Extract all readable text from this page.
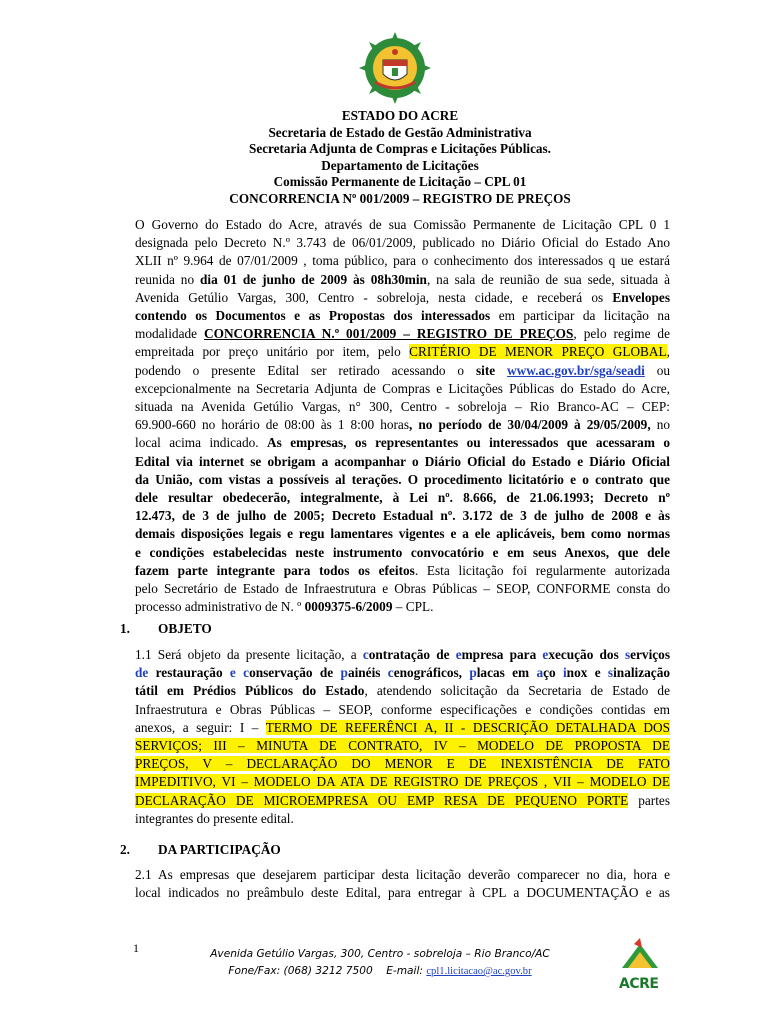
ESTADO DO ACRE
Secretaria de Estado de Gestão Administrativa
Secretaria Adjunta de Compras e Licitações Públicas.
Departamento de Licitações
Comissão Permanente de Licitação – CPL 01
CONCORRENCIA Nº 001/2009 – REGISTRO DE PREÇOS
O Governo do Estado do Acre, através de sua Comissão Permanente de Licitação CPL 0 1
designada pelo Decreto N.º 3.743 de 06/01/2009, publicado no Diário Oficial do Estado Ano
XLII nº 9.964 de 07/01/2009 , toma público, para o conhecimento dos interessados q ue estará
reunida no dia 01 de junho de 2009 às 08h30min, na sala de reunião de sua sede, situada à
Avenida Getúlio Vargas, 300, Centro - sobreloja, nesta cidade, e receberá os Envelopes
contendo os Documentos e as Propostas dos interessados em participar da licitação na
modalidade CONCORRENCIA N.º 001/2009 – REGISTRO DE PREÇOS, pelo regime de
empreitada por preço unitário por item, pelo CRITÉRIO DE MENOR PREÇO GLOBAL,
podendo o presente Edital ser retirado acessando o site www.ac.gov.br/sga/seadi ou
excepcionalmente na Secretaria Adjunta de Compras e Licitações Públicas do Estado do Acre,
situada na Avenida Getúlio Vargas, n° 300, Centro - sobreloja – Rio Branco-AC – CEP:
69.900-660 no horário de 08:00 às 1 8:00 horas, no período de 30/04/2009 à 29/05/2009, no
local acima indicado. As empresas, os representantes ou interessados que acessaram o
Edital via internet se obrigam a acompanhar o Diário Oficial do Estado e Diário Oficial
da União, com vistas a possíveis al terações. O procedimento licitatório e o contrato que
dele resultar obedecerão, integralmente, à Lei nº. 8.666, de 21.06.1993; Decreto nº
12.473, de 3 de julho de 2005; Decreto Estadual nº. 3.172 de 3 de julho de 2008 e às
demais disposições legais e regu lamentares vigentes e a ele aplicáveis, bem como normas
e condições estabelecidas neste instrumento convocatório e em seus Anexos, que dele
fazem parte integrante para todos os efeitos. Esta licitação foi regularmente autorizada
pelo Secretário de Estado de Infraestrutura e Obras Públicas – SEOP, CONFORME consta do
processo administrativo de N. º 0009375-6/2009 – CPL.
1. OBJETO
1.1 Será objeto da presente licitação, a contratação de empresa para execução dos serviços
de restauração e conservação de painéis cenográficos, placas em aço inox e sinalização
tátil em Prédios Públicos do Estado, atendendo solicitação da Secretaria de Estado de
Infraestrutura e Obras Públicas – SEOP, conforme especificações e condições contidas em
anexos, a seguir: I – TERMO DE REFERÊNCI A, II - DESCRIÇÃO DETALHADA DOS
SERVIÇOS; III – MINUTA DE CONTRATO, IV – MODELO DE PROPOSTA DE
PREÇOS, V – DECLARAÇÃO DO MENOR E DE INEXISTÊNCIA DE FATO
IMPEDITIVO, VI – MODELO DA ATA DE REGISTRO DE PREÇOS , VII – MODELO DE
DECLARAÇÃO DE MICROEMPRESA OU EMP RESA DE PEQUENO PORTE partes
integrantes do presente edital.
2. DA PARTICIPAÇÃO
2.1 As empresas que desejarem participar desta licitação deverão comparecer no dia, hora e
local indicados no preâmbulo deste Edital, para entregar à CPL a DOCUMENTAÇÃO e as
1	Avenida Getúlio Vargas, 300, Centro - sobreloja – Rio Branco/AC
Fone/Fax: (068) 3212 7500 E-mail: cpl1.licitacao@ac.gov.br
ACRE
